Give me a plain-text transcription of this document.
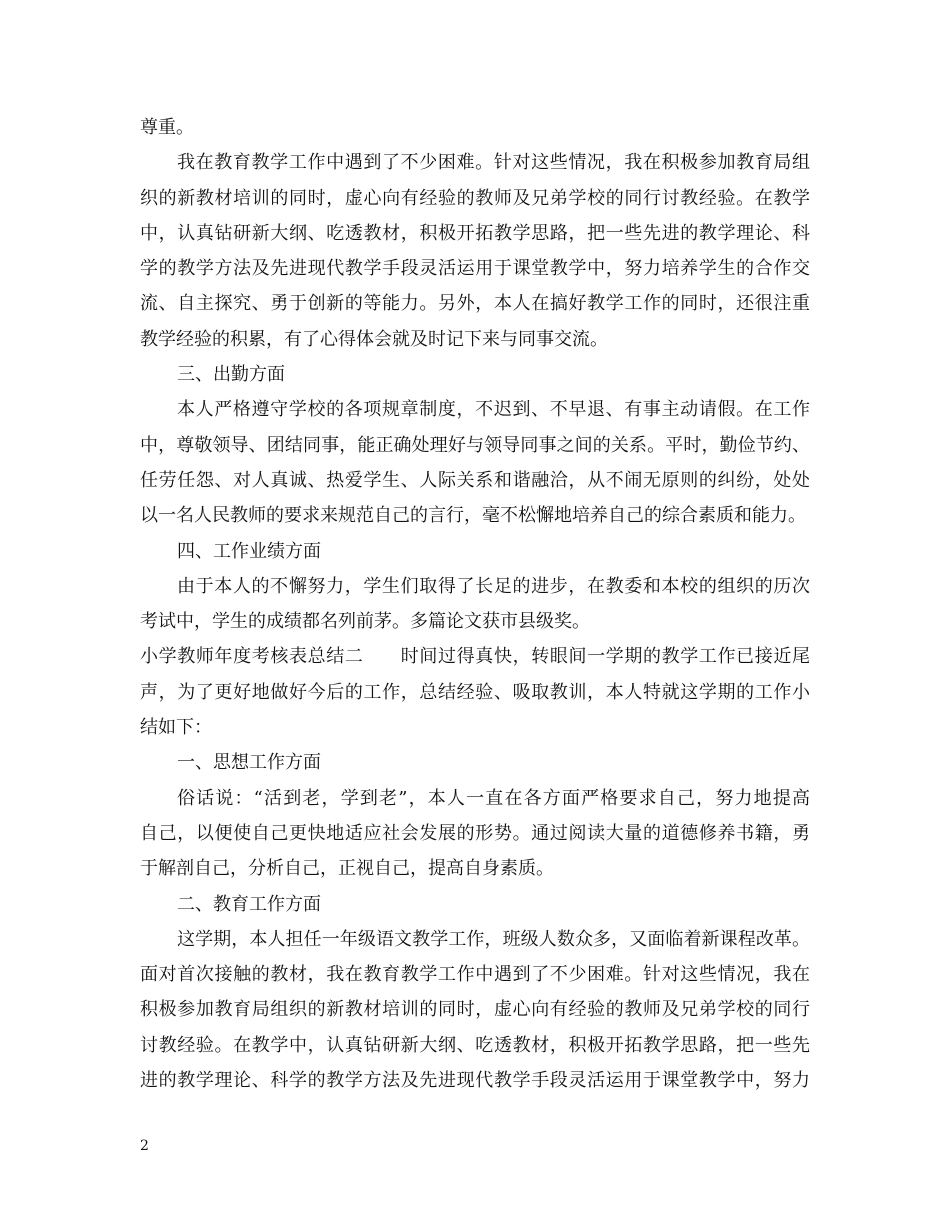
尊重。
我在教育教学工作中遇到了不少困难。针对这些情况，我在积极参加教育局组
织的新教材培训的同时，虚心向有经验的教师及兄弟学校的同行讨教经验。在教学
中，认真钻研新大纲、吃透教材，积极开拓教学思路，把一些先进的教学理论、科
学的教学方法及先进现代教学手段灵活运用于课堂教学中，努力培养学生的合作交
流、自主探究、勇于创新的等能力。另外，本人在搞好教学工作的同时，还很注重
教学经验的积累，有了心得体会就及时记下来与同事交流。
三、出勤方面
本人严格遵守学校的各项规章制度，不迟到、不早退、有事主动请假。在工作
中，尊敬领导、团结同事，能正确处理好与领导同事之间的关系。平时，勤俭节约、
任劳任怨、对人真诚、热爱学生、人际关系和谐融洽，从不闹无原则的纠纷，处处
以一名人民教师的要求来规范自己的言行，毫不松懈地培养自己的综合素质和能力。
四、工作业绩方面
由于本人的不懈努力，学生们取得了长足的进步，在教委和本校的组织的历次
考试中，学生的成绩都名列前茅。多篇论文获市县级奖。
小学教师年度考核表总结二　　时间过得真快，转眼间一学期的教学工作已接近尾
声，为了更好地做好今后的工作，总结经验、吸取教训，本人特就这学期的工作小
结如下：
一、思想工作方面
俗话说：“活到老，学到老”，本人一直在各方面严格要求自己，努力地提高
自己，以便使自己更快地适应社会发展的形势。通过阅读大量的道德修养书籍，勇
于解剖自己，分析自己，正视自己，提高自身素质。
二、教育工作方面
这学期，本人担任一年级语文教学工作，班级人数众多，又面临着新课程改革。
面对首次接触的教材，我在教育教学工作中遇到了不少困难。针对这些情况，我在
积极参加教育局组织的新教材培训的同时，虚心向有经验的教师及兄弟学校的同行
讨教经验。在教学中，认真钻研新大纲、吃透教材，积极开拓教学思路，把一些先
进的教学理论、科学的教学方法及先进现代教学手段灵活运用于课堂教学中，努力
2
